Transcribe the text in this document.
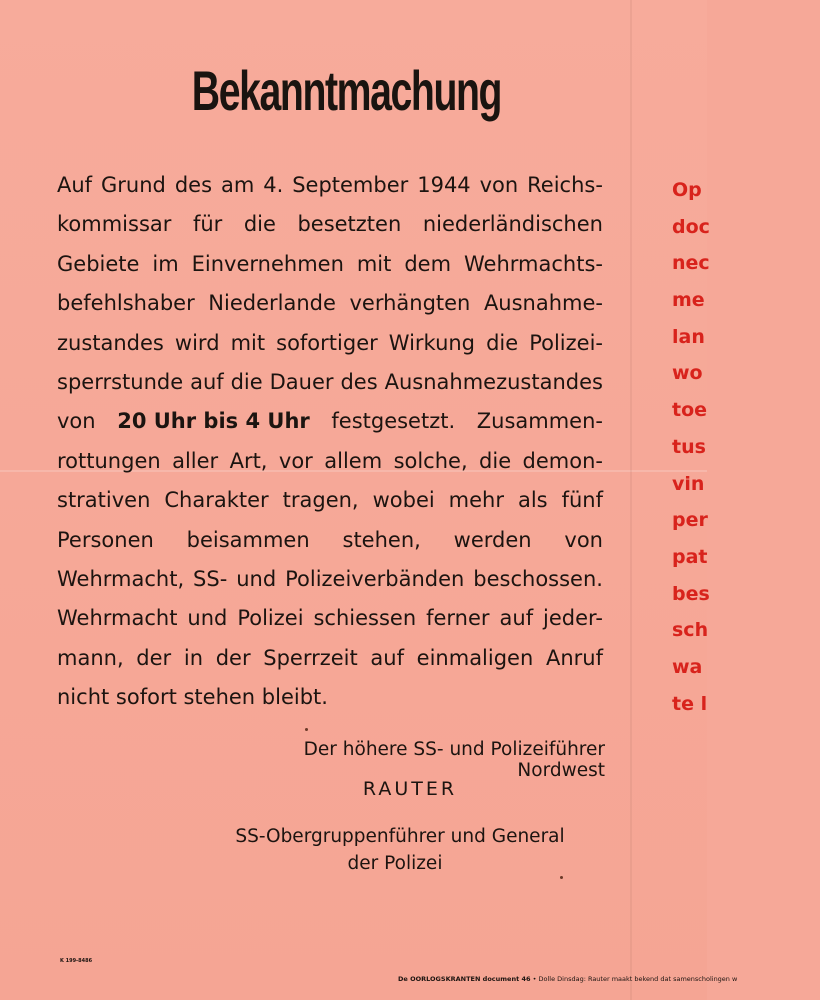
Bekanntmachung
Auf Grund des am 4. September 1944 von Reichs-
kommissar für die besetzten niederländischen
Gebiete im Einvernehmen mit dem Wehrmachts-
befehlshaber Niederlande verhängten Ausnahme-
zustandes wird mit sofortiger Wirkung die Polizei-
sperrstunde auf die Dauer des Ausnahmezustandes
von 20 Uhr bis 4 Uhr festgesetzt. Zusammen-
rottungen aller Art, vor allem solche, die demon-
strativen Charakter tragen, wobei mehr als fünf
Personen beisammen stehen, werden von
Wehrmacht, SS- und Polizeiverbänden beschossen.
Wehrmacht und Polizei schiessen ferner auf jeder-
mann, der in der Sperrzeit auf einmaligen Anruf
nicht sofort stehen bleibt.
Der höhere SS- und Polizeiführer Nordwest
RAUTER
SS-Obergruppenführer und General
der Polizei
Op
doc
nec
me
lan
wo
toe
tus
vin
per
pat
bes
sch
wa
te l
K 199-8486
De OORLOGSKRANTEN document 46 • Dolle Dinsdag: Rauter maakt bekend dat samenscholingen w
